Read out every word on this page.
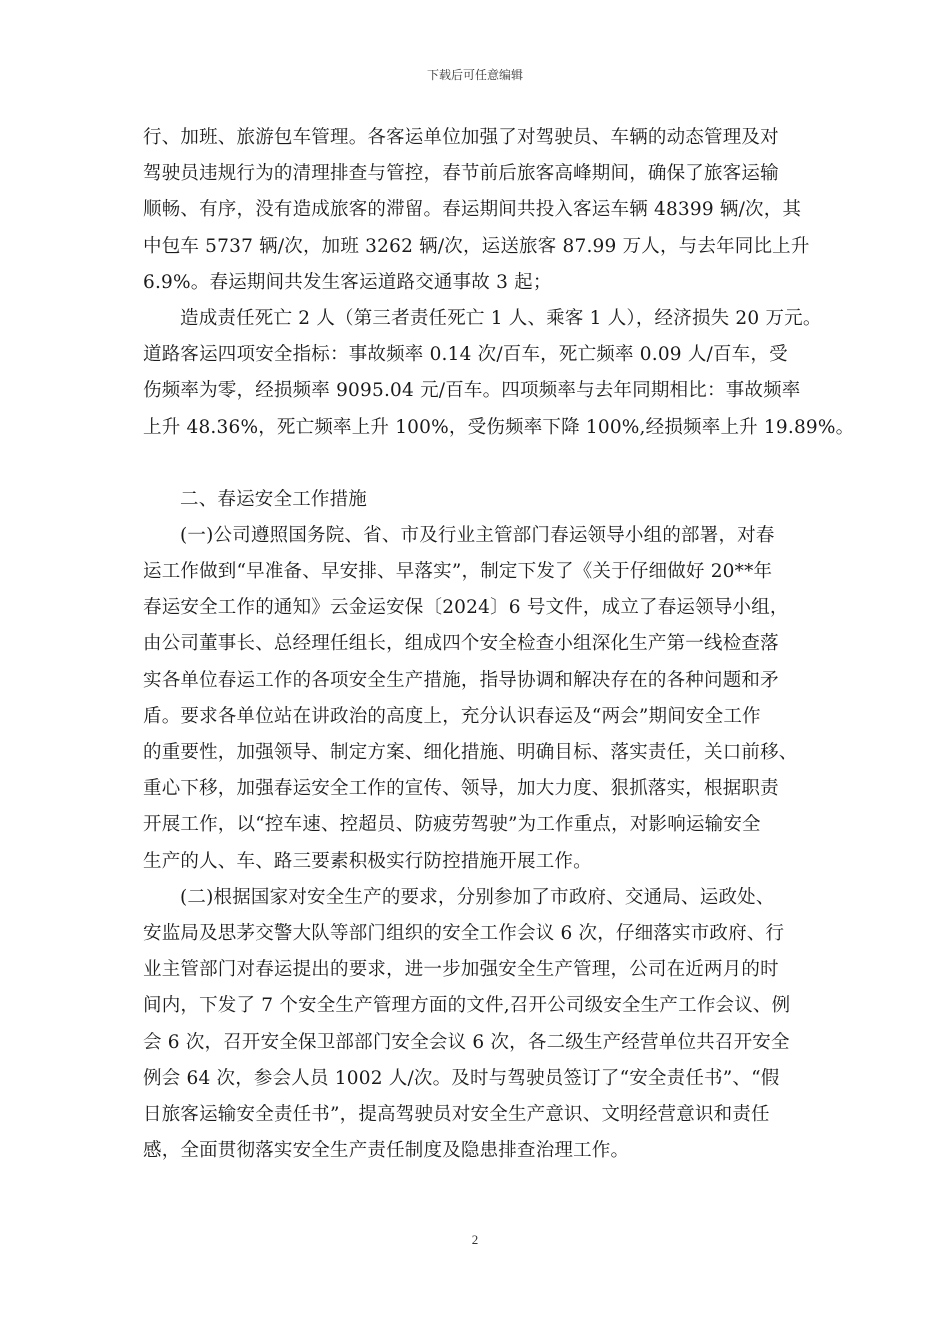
下载后可任意编辑
行、加班、旅游包车管理。各客运单位加强了对驾驶员、车辆的动态管理及对
驾驶员违规行为的清理排查与管控，春节前后旅客高峰期间，确保了旅客运输
顺畅、有序，没有造成旅客的滞留。春运期间共投入客运车辆 48399 辆/次，其
中包车 5737 辆/次，加班 3262 辆/次，运送旅客 87.99 万人，与去年同比上升
6.9%。春运期间共发生客运道路交通事故 3 起；
造成责任死亡 2 人（第三者责任死亡 1 人、乘客 1 人），经济损失 20 万元。
道路客运四项安全指标：事故频率 0.14 次/百车，死亡频率 0.09 人/百车，受
伤频率为零，经损频率 9095.04 元/百车。四项频率与去年同期相比：事故频率
上升 48.36%，死亡频率上升 100%，受伤频率下降 100%,经损频率上升 19.89%。
二、春运安全工作措施
(一)公司遵照国务院、省、市及行业主管部门春运领导小组的部署，对春
运工作做到“早准备、早安排、早落实”，制定下发了《关于仔细做好 20**年
春运安全工作的通知》云金运安保〔2024〕6 号文件，成立了春运领导小组，
由公司董事长、总经理任组长，组成四个安全检查小组深化生产第一线检查落
实各单位春运工作的各项安全生产措施，指导协调和解决存在的各种问题和矛
盾。要求各单位站在讲政治的高度上，充分认识春运及“两会”期间安全工作
的重要性，加强领导、制定方案、细化措施、明确目标、落实责任，关口前移、
重心下移，加强春运安全工作的宣传、领导，加大力度、狠抓落实，根据职责
开展工作，以“控车速、控超员、防疲劳驾驶”为工作重点，对影响运输安全
生产的人、车、路三要素积极实行防控措施开展工作。
(二)根据国家对安全生产的要求，分别参加了市政府、交通局、运政处、
安监局及思茅交警大队等部门组织的安全工作会议 6 次，仔细落实市政府、行
业主管部门对春运提出的要求，进一步加强安全生产管理，公司在近两月的时
间内，下发了 7 个安全生产管理方面的文件,召开公司级安全生产工作会议、例
会 6 次，召开安全保卫部部门安全会议 6 次，各二级生产经营单位共召开安全
例会 64 次，参会人员 1002 人/次。及时与驾驶员签订了“安全责任书”、“假
日旅客运输安全责任书”，提高驾驶员对安全生产意识、文明经营意识和责任
感，全面贯彻落实安全生产责任制度及隐患排查治理工作。
2
